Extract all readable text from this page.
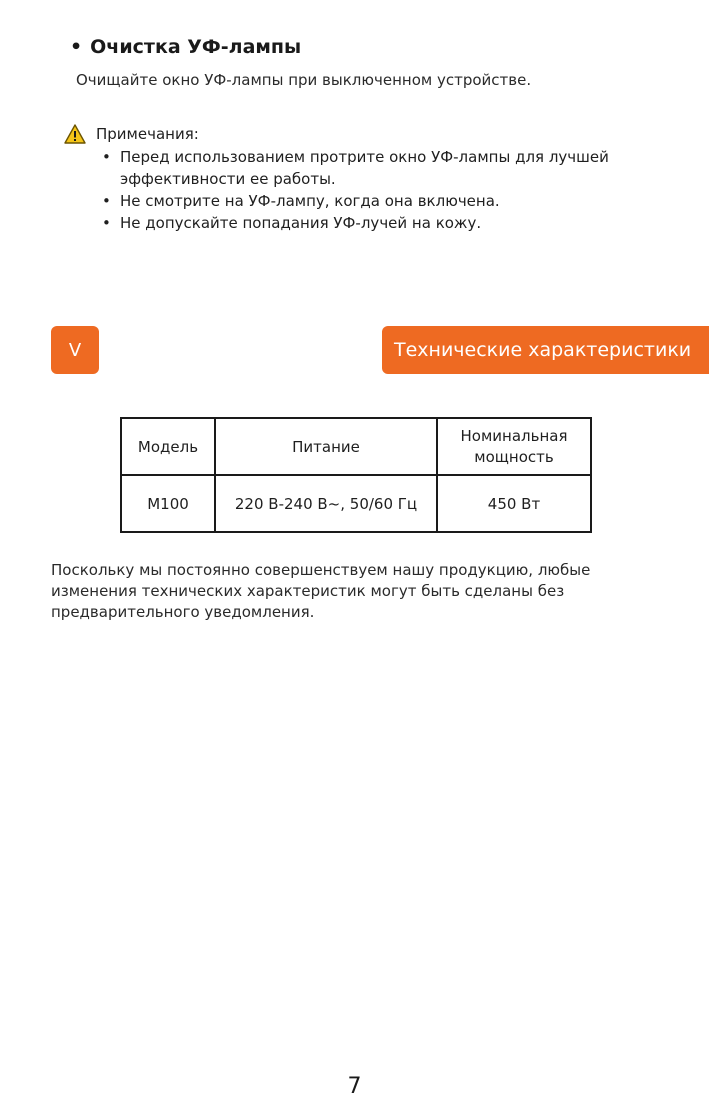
• Очистка УФ-лампы
Очищайте окно УФ-лампы при выключенном устройстве.
Примечания:
• Перед использованием протрите окно УФ-лампы для лучшей эффективности ее работы.
• Не смотрите на УФ-лампу, когда она включена.
• Не допускайте попадания УФ-лучей на кожу.
V	Технические характеристики
Модель	Питание	Номинальная мощность
M100	220 В-240 В~, 50/60 Гц	450 Вт
Поскольку мы постоянно совершенствуем нашу продукцию, любые изменения технических характеристик могут быть сделаны без предварительного уведомления.
7
